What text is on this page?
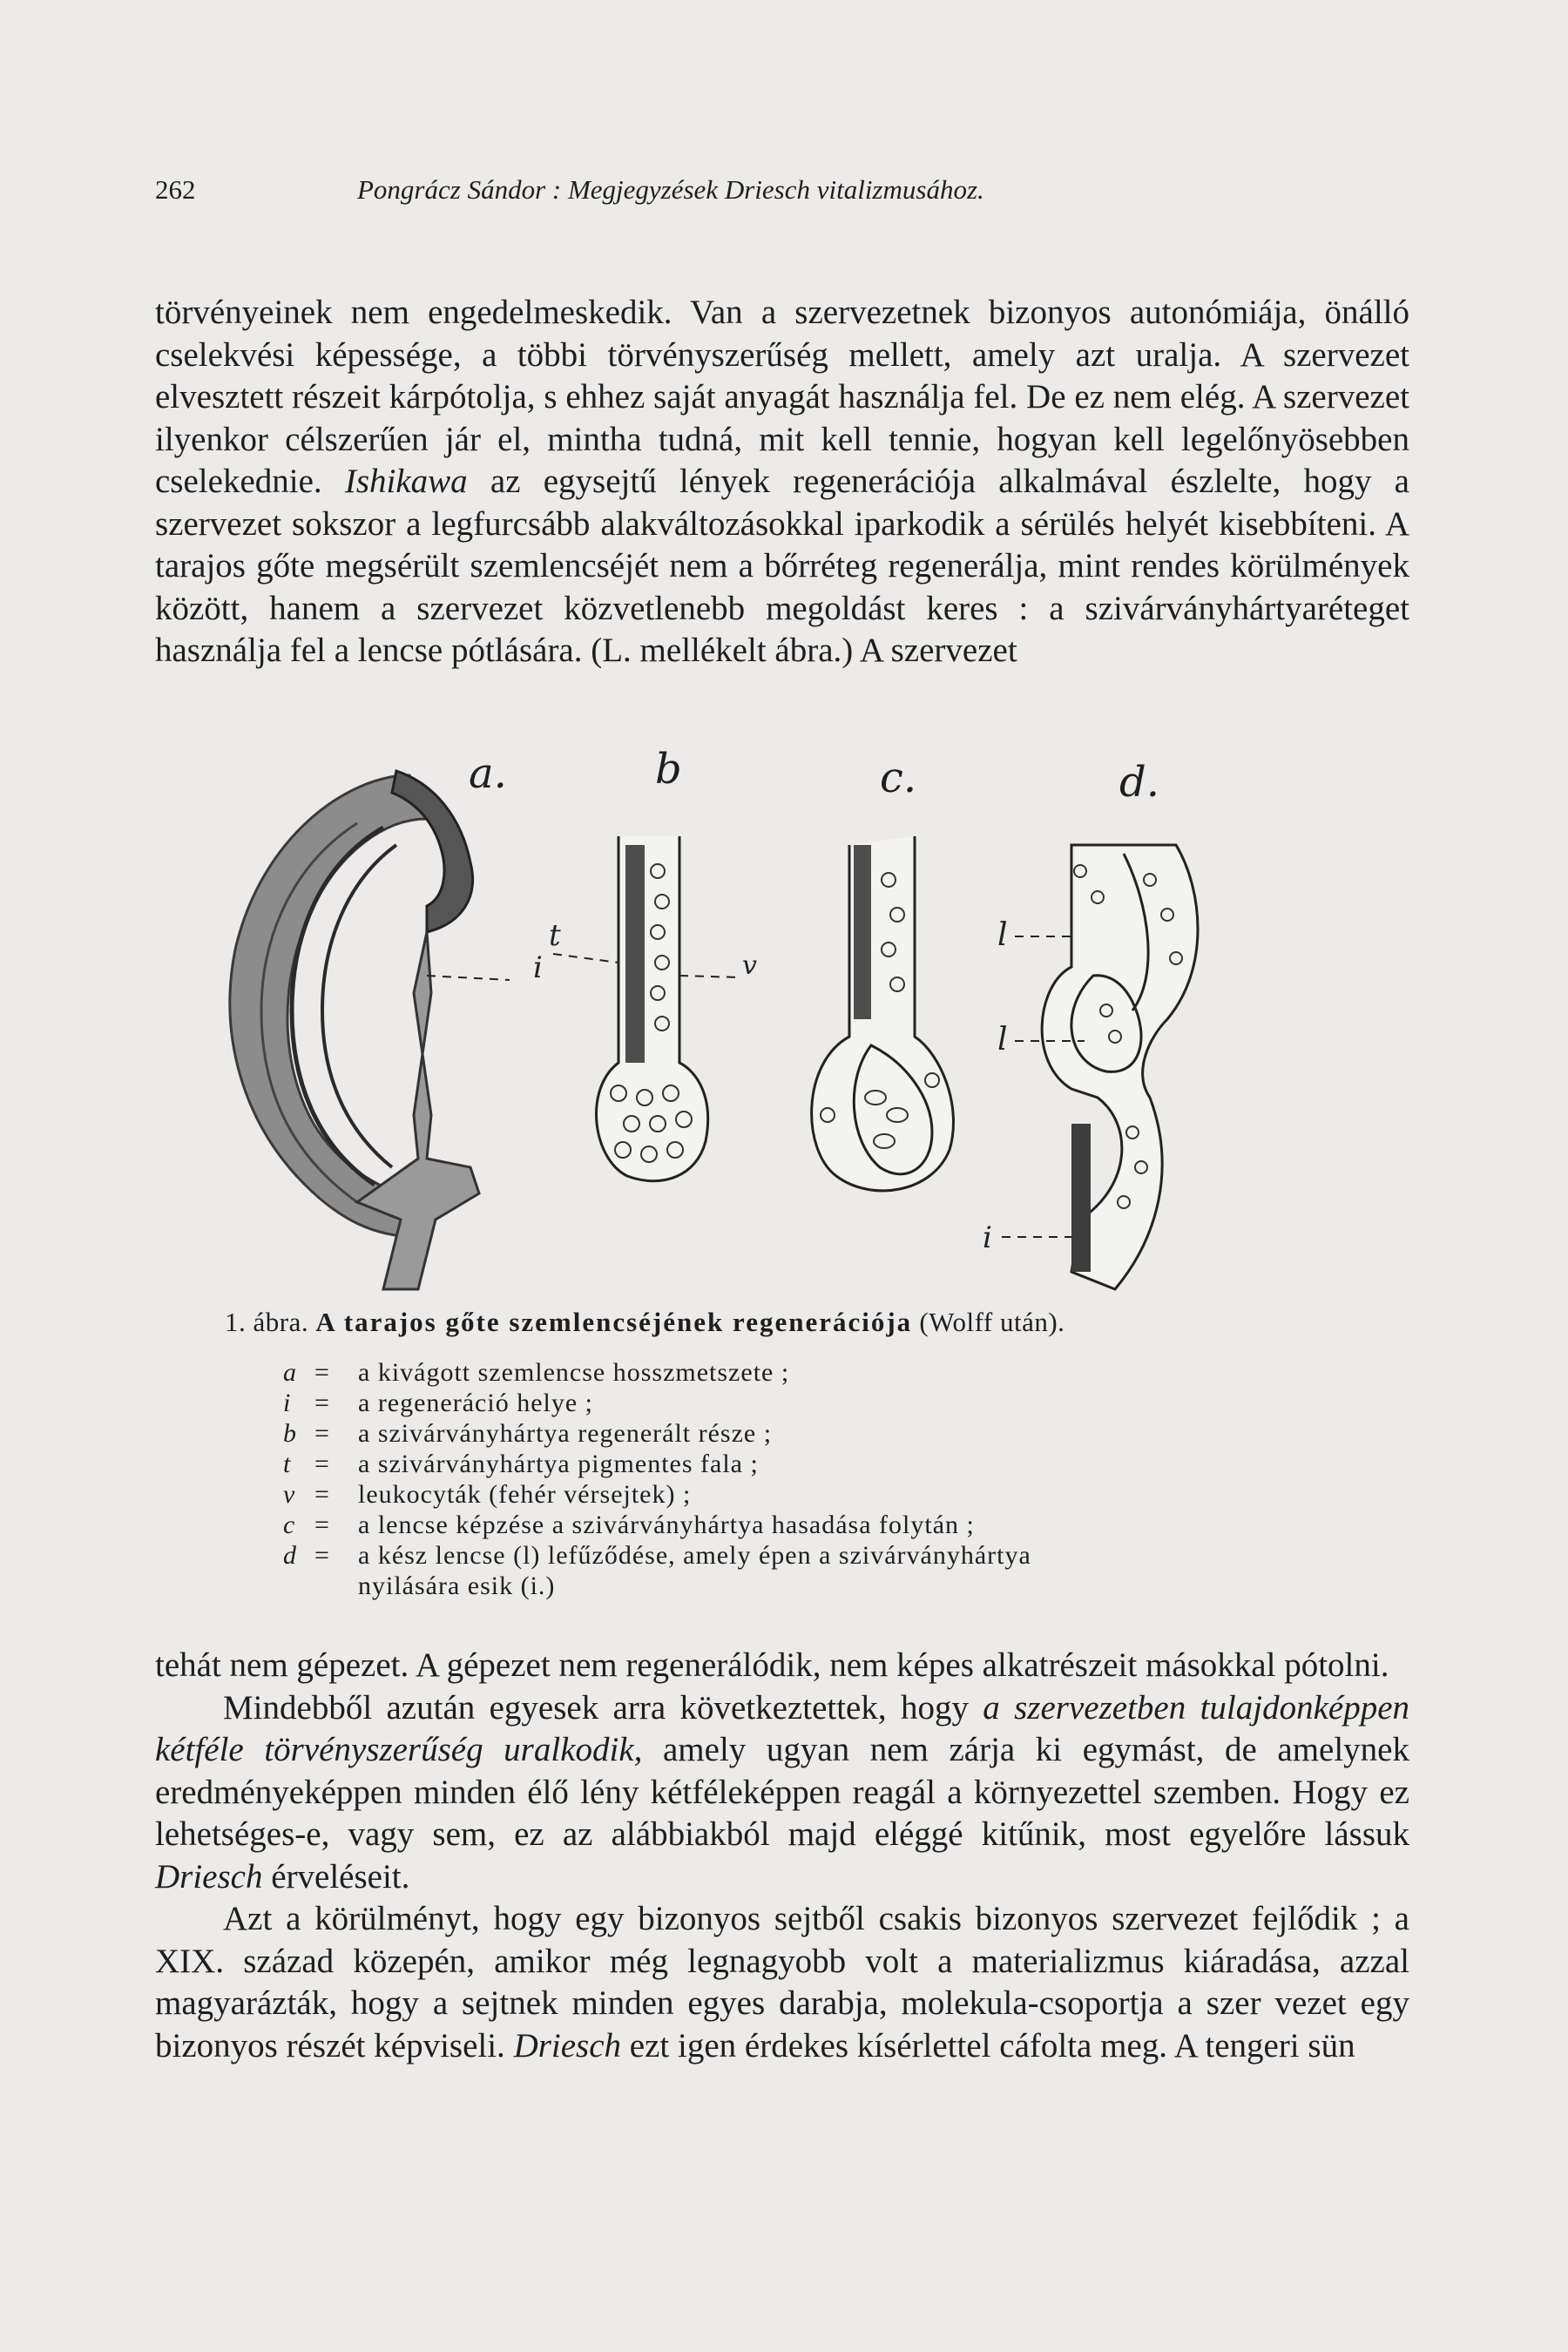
262	Pongrácz Sándor : Megjegyzések Driesch vitalizmusához.

törvényeinek nem engedelmeskedik. Van a szervezetnek bizonyos autonómiája, önálló cselekvési képessége, a többi törvényszerűség mellett, amely azt uralja. A szervezet elvesztett részeit kárpótolja, s ehhez saját anyagát használja fel. De ez nem elég. A szervezet ilyenkor célszerűen jár el, mintha tudná, mit kell tennie, hogyan kell legelőnyösebben cselekednie. Ishikawa az egysejtű lények regenerációja alkalmával észlelte, hogy a szervezet sokszor a legfurcsább alakváltozásokkal iparkodik a sérülés helyét kisebbíteni. A tarajos gőte megsérült szemlencséjét nem a bőrréteg regenerálja, mint rendes körülmények között, hanem a szervezet közvetlenebb megoldást keres : a szivárványhártyaréteget használja fel a lencse pótlására. (L. mellékelt ábra.) A szervezet

i
t
v
l
l
i
a.	b	c.	d.
1. ábra. A tarajos gőte szemlencséjének regenerációja (Wolff után).
a =	a kivágott szemlencse hosszmetszete ;
i =	a regeneráció helye ;
b =	a szivárványhártya regenerált része ;
t =	a szivárványhártya pigmentes fala ;
v =	leukocyták (fehér vérsejtek) ;
c =	a lencse képzése a szivárványhártya hasadása folytán ;
d =	a kész lencse (l) lefűződése, amely épen a szivárványhártya
nyilására esik (i.)

tehát nem gépezet. A gépezet nem regenerálódik, nem képes alkatrészeit másokkal pótolni.

Mindebből azután egyesek arra következtettek, hogy a szervezetben tulajdonképpen kétféle törvényszerűség uralkodik, amely ugyan nem zárja ki egymást, de amelynek eredményeképpen minden élő lény kétféleképpen reagál a környezettel szemben. Hogy ez lehetséges-e, vagy sem, ez az alábbiakból majd eléggé kitűnik, most egyelőre lássuk Driesch érveléseit.

Azt a körülményt, hogy egy bizonyos sejtből csakis bizonyos szervezet fejlődik ; a XIX. század közepén, amikor még legnagyobb volt a materializmus kiáradása, azzal magyarázták, hogy a sejtnek minden egyes darabja, molekula-csoportja a szer vezet egy bizonyos részét képviseli. Driesch ezt igen érdekes kísérlettel cáfolta meg. A tengeri sün
